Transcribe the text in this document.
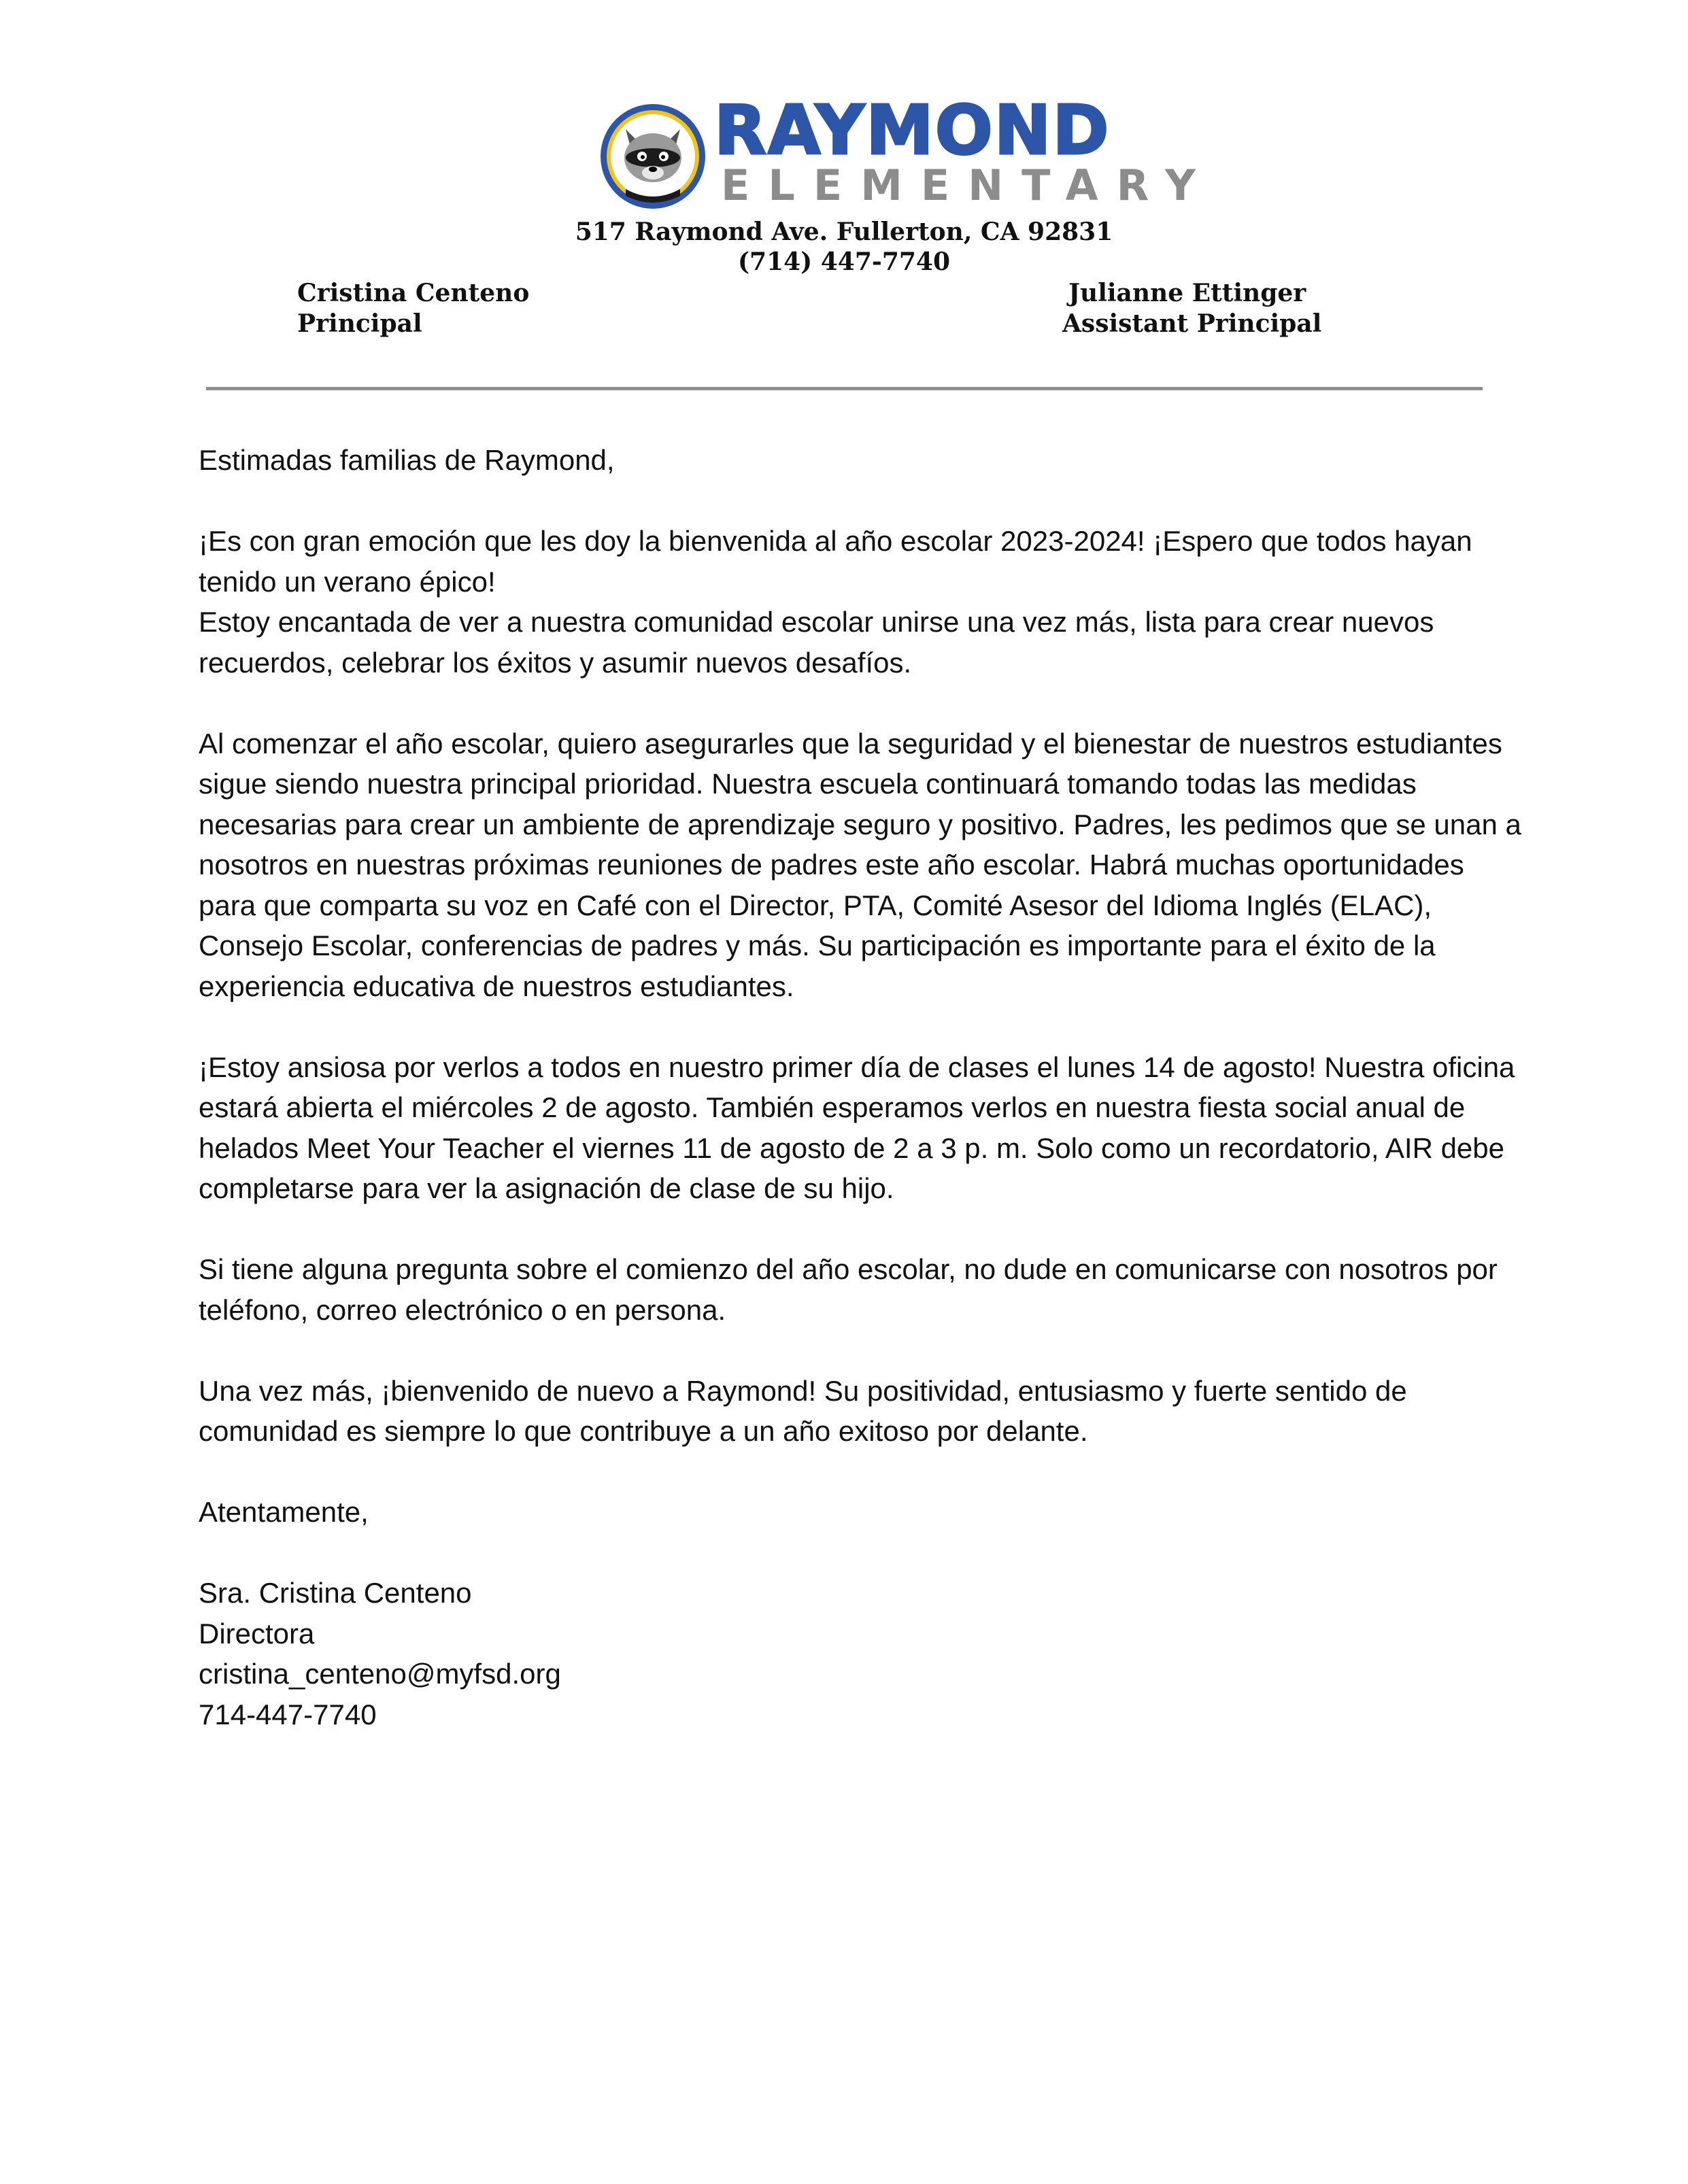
RAYMOND
ELEMENTARY
517 Raymond Ave. Fullerton, CA 92831
(714) 447-7740
Cristina Centeno
Principal
Julianne Ettinger
Assistant Principal

Estimadas familias de Raymond,

¡Es con gran emoción que les doy la bienvenida al año escolar 2023-2024! ¡Espero que todos hayan tenido un verano épico!
Estoy encantada de ver a nuestra comunidad escolar unirse una vez más, lista para crear nuevos recuerdos, celebrar los éxitos y asumir nuevos desafíos.

Al comenzar el año escolar, quiero asegurarles que la seguridad y el bienestar de nuestros estudiantes sigue siendo nuestra principal prioridad. Nuestra escuela continuará tomando todas las medidas necesarias para crear un ambiente de aprendizaje seguro y positivo. Padres, les pedimos que se unan a nosotros en nuestras próximas reuniones de padres este año escolar. Habrá muchas oportunidades para que comparta su voz en Café con el Director, PTA, Comité Asesor del Idioma Inglés (ELAC), Consejo Escolar, conferencias de padres y más. Su participación es importante para el éxito de la experiencia educativa de nuestros estudiantes.

¡Estoy ansiosa por verlos a todos en nuestro primer día de clases el lunes 14 de agosto! Nuestra oficina estará abierta el miércoles 2 de agosto. También esperamos verlos en nuestra fiesta social anual de helados Meet Your Teacher el viernes 11 de agosto de 2 a 3 p. m. Solo como un recordatorio, AIR debe completarse para ver la asignación de clase de su hijo.

Si tiene alguna pregunta sobre el comienzo del año escolar, no dude en comunicarse con nosotros por teléfono, correo electrónico o en persona.

Una vez más, ¡bienvenido de nuevo a Raymond! Su positividad, entusiasmo y fuerte sentido de comunidad es siempre lo que contribuye a un año exitoso por delante.

Atentamente,

Sra. Cristina Centeno
Directora
cristina_centeno@myfsd.org
714-447-7740
